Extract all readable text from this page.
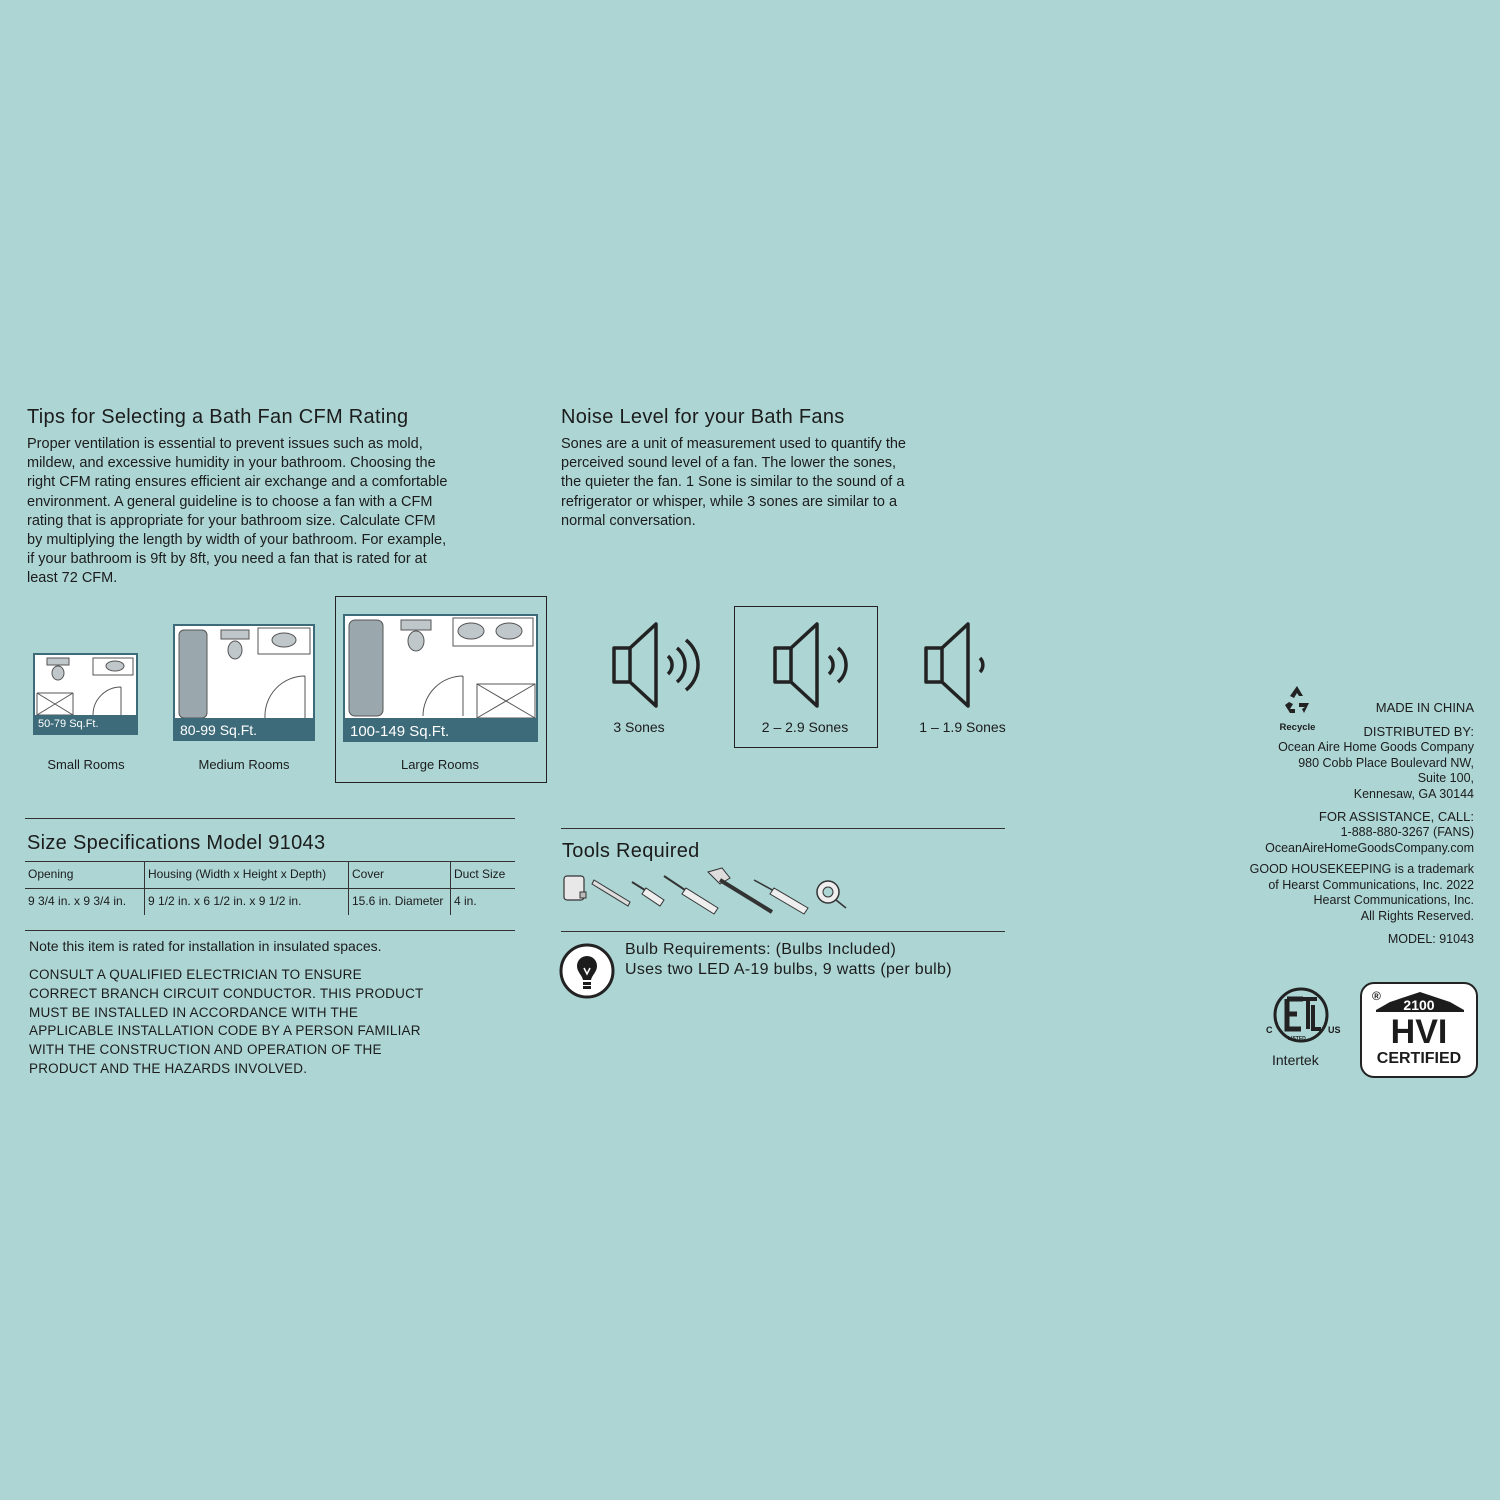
Tips for Selecting a Bath Fan CFM Rating
Proper ventilation is essential to prevent issues such as mold,
mildew, and excessive humidity in your bathroom. Choosing the
right CFM rating ensures efficient air exchange and a comfortable
environment. A general guideline is to choose a fan with a CFM
rating that is appropriate for your bathroom size. Calculate CFM
by multiplying the length by width of your bathroom. For example,
if your bathroom is 9ft by 8ft, you need a fan that is rated for at
least 72 CFM.
50-79 Sq.Ft.
Small Rooms
80-99 Sq.Ft.
Medium Rooms
100-149 Sq.Ft.
Large Rooms
Noise Level for your Bath Fans
Sones are a unit of measurement used to quantify the
perceived sound level of a fan. The lower the sones,
the quieter the fan. 1 Sone is similar to the sound of a
refrigerator or whisper, while 3 sones are similar to a
normal conversation.
3 Sones	2 – 2.9 Sones	1 – 1.9 Sones
Size Specifications Model 91043
Opening	Housing (Width x Height x Depth)	Cover	Duct Size
9 3/4 in. x 9 3/4 in.	9 1/2 in. x 6 1/2 in. x 9 1/2 in.	15.6 in. Diameter	4 in.
Note this item is rated for installation in insulated spaces.
CONSULT A QUALIFIED ELECTRICIAN TO ENSURE
CORRECT BRANCH CIRCUIT CONDUCTOR. THIS PRODUCT
MUST BE INSTALLED IN ACCORDANCE WITH THE
APPLICABLE INSTALLATION CODE BY A PERSON FAMILIAR
WITH THE CONSTRUCTION AND OPERATION OF THE
PRODUCT AND THE HAZARDS INVOLVED.
Tools Required
Bulb Requirements: (Bulbs Included)
Uses two LED A-19 bulbs, 9 watts (per bulb)
Recycle
MADE IN CHINA
DISTRIBUTED BY:
Ocean Aire Home Goods Company
980 Cobb Place Boulevard NW,
Suite 100,
Kennesaw, GA 30144
FOR ASSISTANCE, CALL:
1-888-880-3267 (FANS)
OceanAireHomeGoodsCompany.com
GOOD HOUSEKEEPING is a trademark
of Hearst Communications, Inc. 2022
Hearst Communications, Inc.
All Rights Reserved.
MODEL: 91043
C	US
LISTED
Intertek
2100
HVI
CERTIFIED
®
